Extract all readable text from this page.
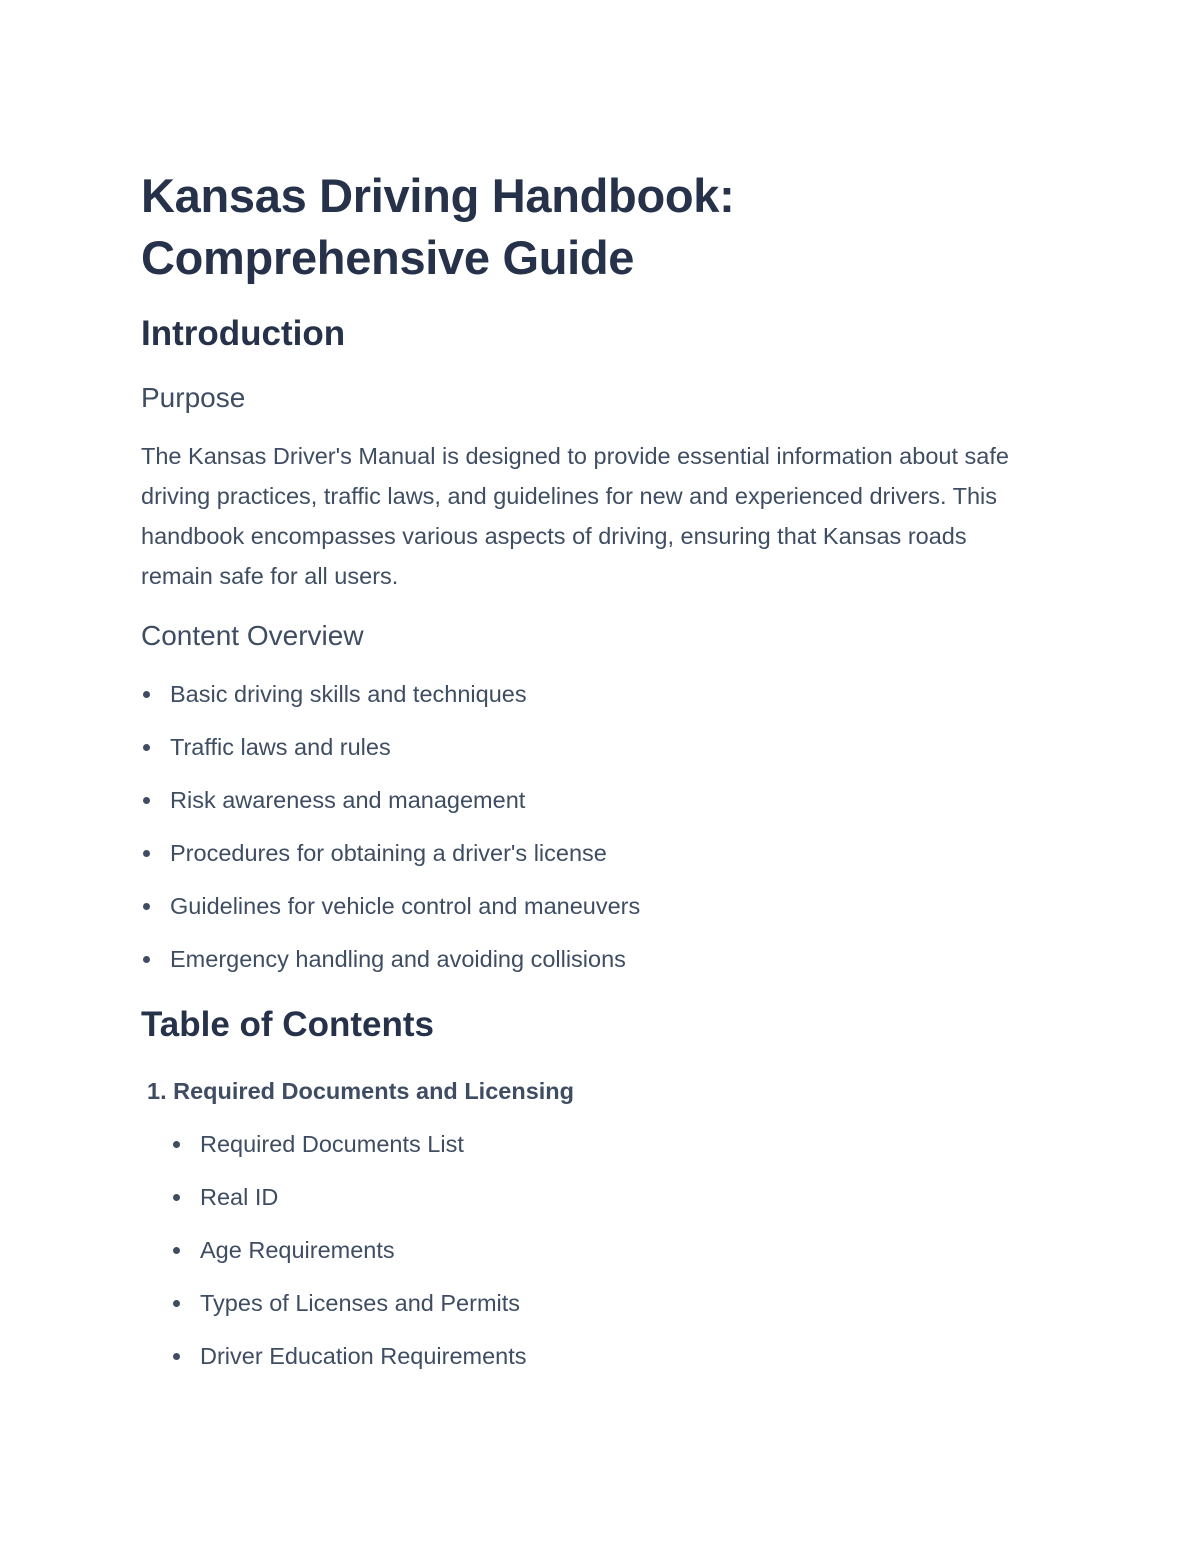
Kansas Driving Handbook: Comprehensive Guide
Introduction
Purpose

The Kansas Driver's Manual is designed to provide essential information about safe driving practices, traffic laws, and guidelines for new and experienced drivers. This handbook encompasses various aspects of driving, ensuring that Kansas roads remain safe for all users.

Content Overview
Basic driving skills and techniques
Traffic laws and rules
Risk awareness and management
Procedures for obtaining a driver's license
Guidelines for vehicle control and maneuvers
Emergency handling and avoiding collisions
Table of Contents
1. Required Documents and Licensing
Required Documents List
Real ID
Age Requirements
Types of Licenses and Permits
Driver Education Requirements
